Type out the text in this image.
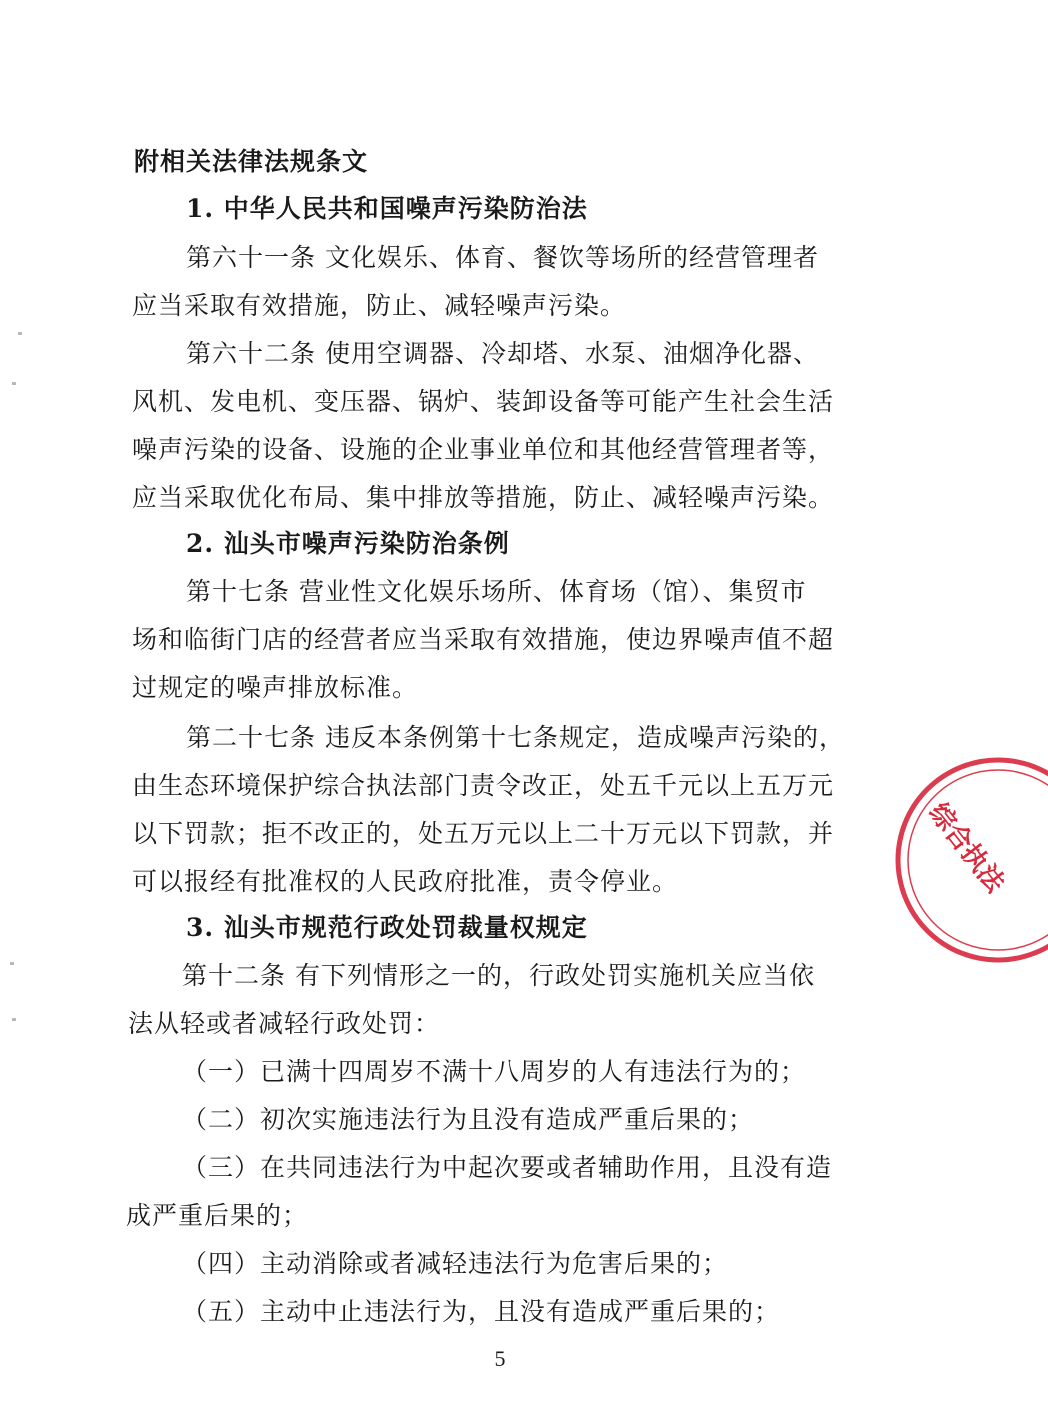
附相关法律法规条文
1. 中华人民共和国噪声污染防治法
第六十一条 文化娱乐、体育、餐饮等场所的经营管理者
应当采取有效措施，防止、减轻噪声污染。
第六十二条 使用空调器、冷却塔、水泵、油烟净化器、
风机、发电机、变压器、锅炉、装卸设备等可能产生社会生活
噪声污染的设备、设施的企业事业单位和其他经营管理者等，
应当采取优化布局、集中排放等措施，防止、减轻噪声污染。
2. 汕头市噪声污染防治条例
第十七条 营业性文化娱乐场所、体育场（馆）、集贸市
场和临街门店的经营者应当采取有效措施，使边界噪声值不超
过规定的噪声排放标准。
第二十七条 违反本条例第十七条规定，造成噪声污染的，
由生态环境保护综合执法部门责令改正，处五千元以上五万元
以下罚款；拒不改正的，处五万元以上二十万元以下罚款，并
可以报经有批准权的人民政府批准，责令停业。
3. 汕头市规范行政处罚裁量权规定
第十二条 有下列情形之一的，行政处罚实施机关应当依
法从轻或者减轻行政处罚：
（一）已满十四周岁不满十八周岁的人有违法行为的；
（二）初次实施违法行为且没有造成严重后果的；
（三）在共同违法行为中起次要或者辅助作用，且没有造
成严重后果的；
（四）主动消除或者减轻违法行为危害后果的；
（五）主动中止违法行为，且没有造成严重后果的；
5
综合执法
